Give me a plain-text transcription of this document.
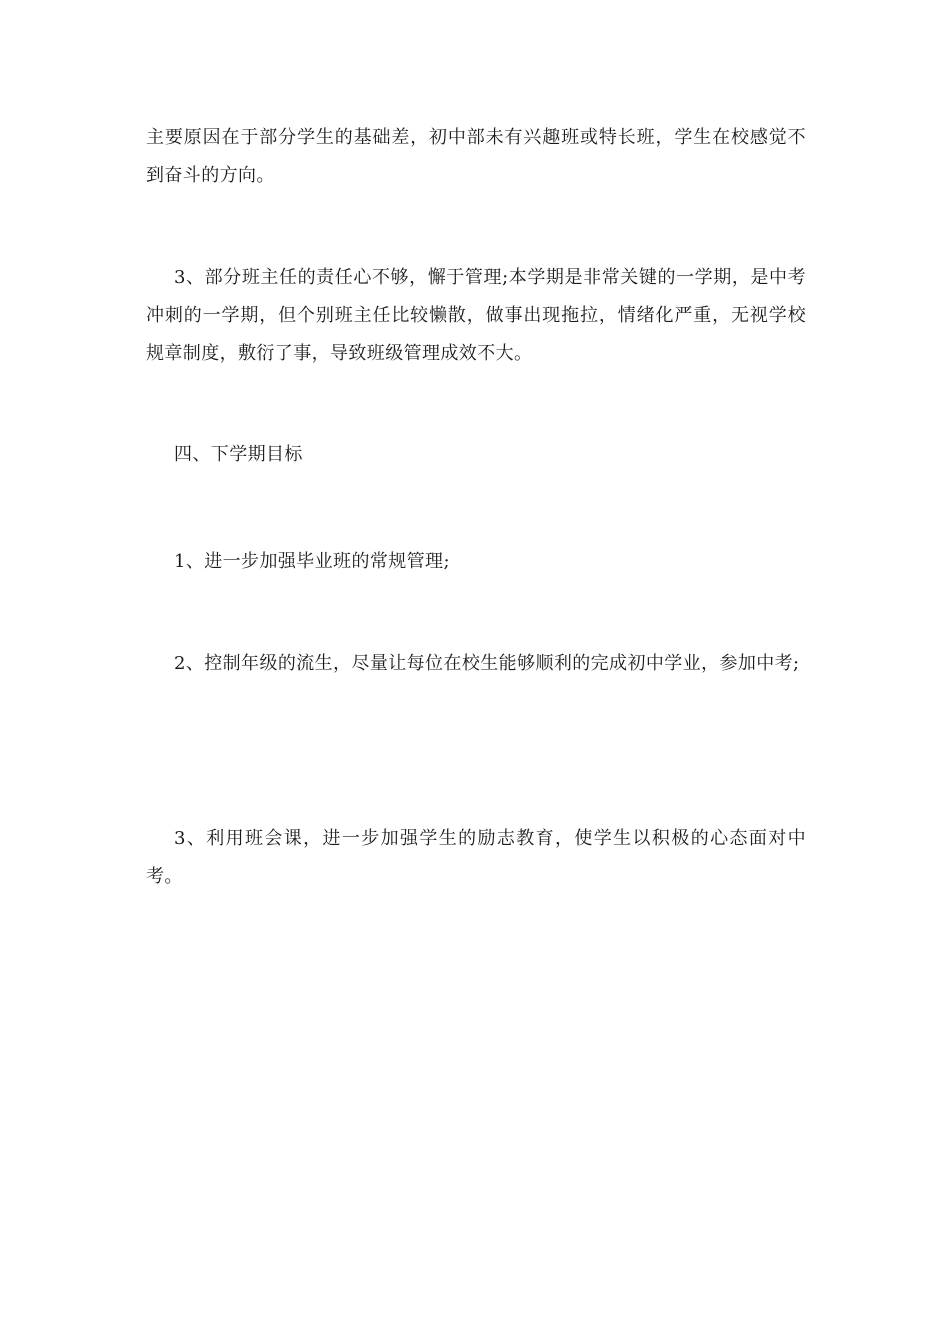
主要原因在于部分学生的基础差，初中部未有兴趣班或特长班，学生在校感觉不到奋斗的方向。

3、部分班主任的责任心不够，懈于管理;本学期是非常关键的一学期，是中考冲刺的一学期，但个别班主任比较懒散，做事出现拖拉，情绪化严重，无视学校规章制度，敷衍了事，导致班级管理成效不大。

四、下学期目标

1、进一步加强毕业班的常规管理;

2、控制年级的流生，尽量让每位在校生能够顺利的完成初中学业，参加中考;

3、利用班会课，进一步加强学生的励志教育，使学生以积极的心态面对中考。
